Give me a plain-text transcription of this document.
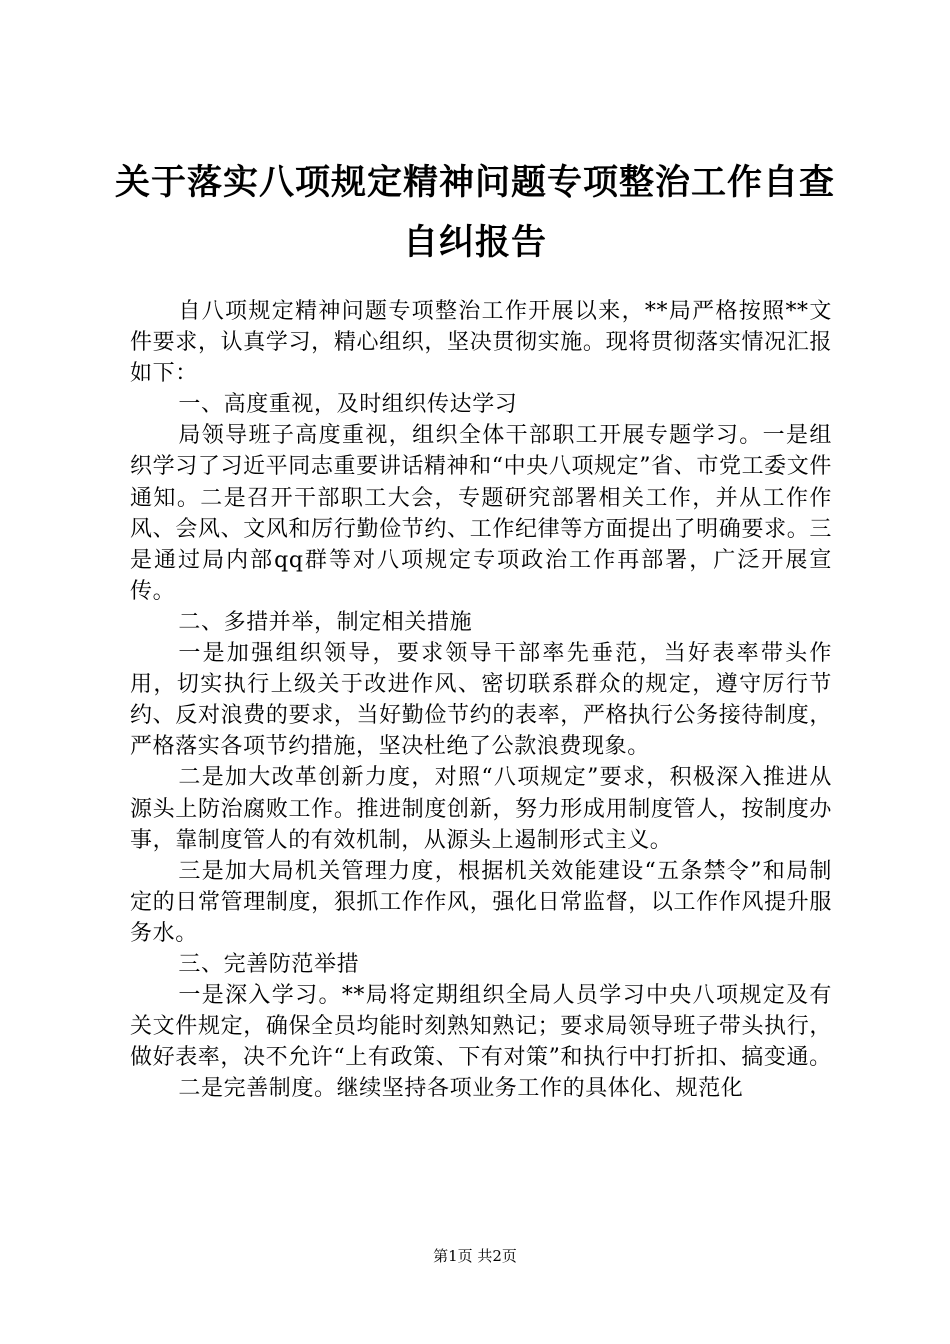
关于落实八项规定精神问题专项整治工作自查
自纠报告

自八项规定精神问题专项整治工作开展以来，**局严格按照**文件要求，认真学习，精心组织，坚决贯彻实施。现将贯彻落实情况汇报如下：

一、高度重视，及时组织传达学习

局领导班子高度重视，组织全体干部职工开展专题学习。一是组织学习了习近平同志重要讲话精神和“中央八项规定”省、市党工委文件通知。二是召开干部职工大会，专题研究部署相关工作，并从工作作风、会风、文风和厉行勤俭节约、工作纪律等方面提出了明确要求。三是通过局内部qq群等对八项规定专项政治工作再部署，广泛开展宣传。

二、多措并举，制定相关措施

一是加强组织领导，要求领导干部率先垂范，当好表率带头作用，切实执行上级关于改进作风、密切联系群众的规定，遵守厉行节约、反对浪费的要求，当好勤俭节约的表率，严格执行公务接待制度，严格落实各项节约措施，坚决杜绝了公款浪费现象。

二是加大改革创新力度，对照“八项规定”要求，积极深入推进从源头上防治腐败工作。推进制度创新，努力形成用制度管人，按制度办事，靠制度管人的有效机制，从源头上遏制形式主义。

三是加大局机关管理力度，根据机关效能建设“五条禁令”和局制定的日常管理制度，狠抓工作作风，强化日常监督，以工作作风提升服务水。

三、完善防范举措

一是深入学习。**局将定期组织全局人员学习中央八项规定及有关文件规定，确保全员均能时刻熟知熟记；要求局领导班子带头执行，做好表率，决不允许“上有政策、下有对策”和执行中打折扣、搞变通。

二是完善制度。继续坚持各项业务工作的具体化、规范化

第1页 共2页
